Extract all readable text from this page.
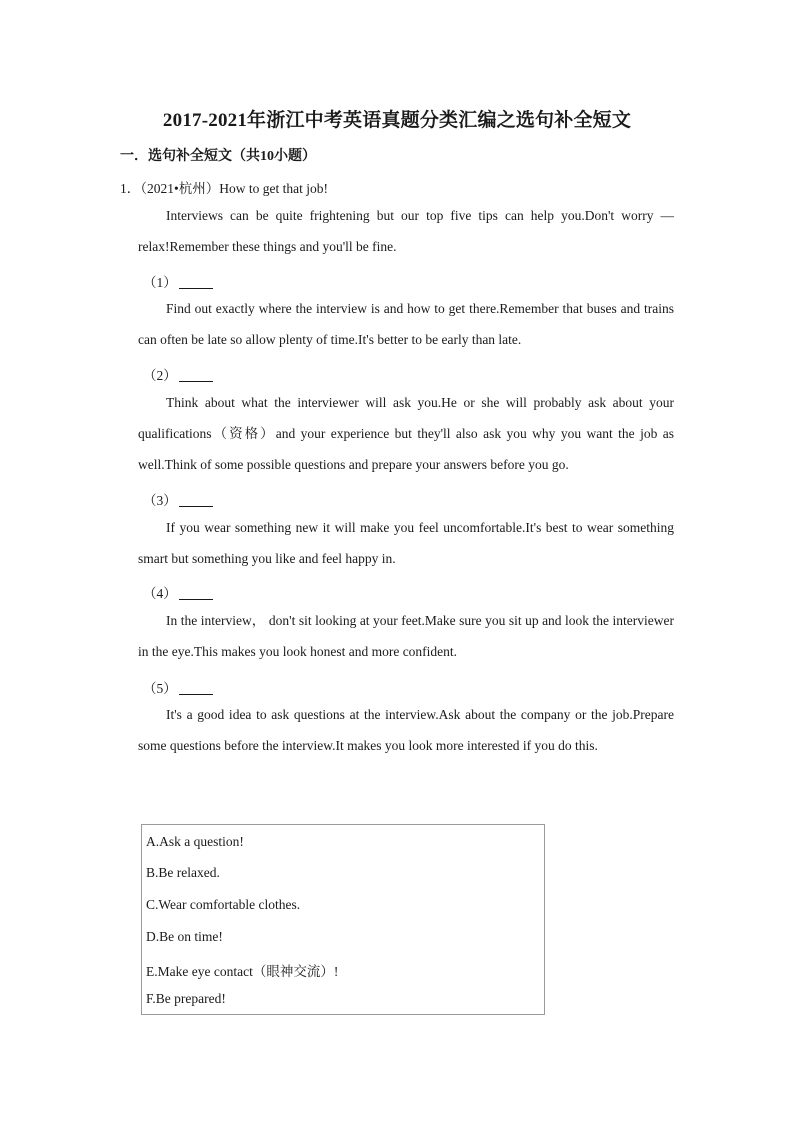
2017-2021年浙江中考英语真题分类汇编之选句补全短文
一．选句补全短文（共10小题）
1．（2021•杭州）How to get that job!
Interviews can be quite frightening but our top five tips can help you.Don't worry — relax!Remember these things and you'll be fine.
（1）
Find out exactly where the interview is and how to get there.Remember that buses and trains can often be late so allow plenty of time.It's better to be early than late.
（2）
Think about what the interviewer will ask you.He or she will probably ask about your qualifications（资格）and your experience but they'll also ask you why you want the job as well.Think of some possible questions and prepare your answers before you go.
（3）
If you wear something new it will make you feel uncomfortable.It's best to wear something smart but something you like and feel happy in.
（4）
In the interview， don't sit looking at your feet.Make sure you sit up and look the interviewer in the eye.This makes you look honest and more confident.
（5）
It's a good idea to ask questions at the interview.Ask about the company or the job.Prepare some questions before the interview.It makes you look more interested if you do this.
A.Ask a question!
B.Be relaxed.
C.Wear comfortable clothes.
D.Be on time!
E.Make eye contact（眼神交流）!
F.Be prepared!
